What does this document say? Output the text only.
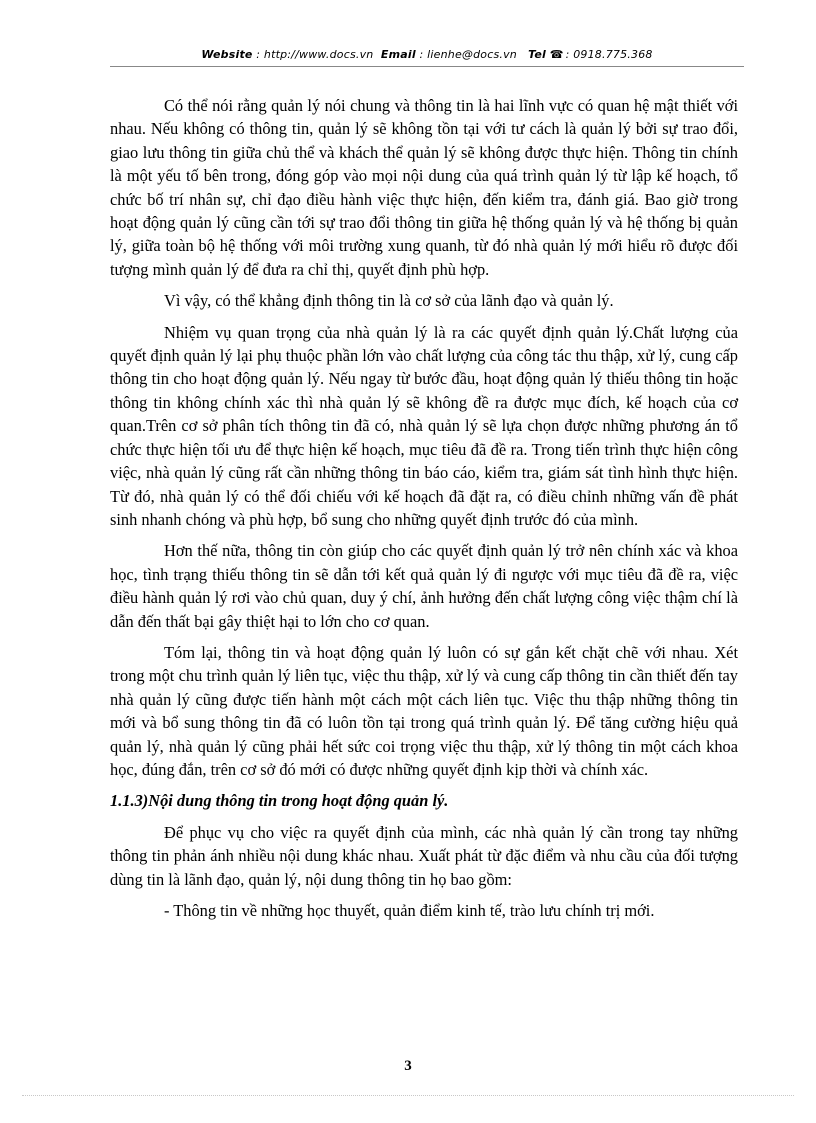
Website : http://www.docs.vn Email : lienhe@docs.vn Tel ☎ : 0918.775.368

Có thể nói rằng quản lý nói chung và thông tin là hai lĩnh vực có quan hệ mật thiết với nhau. Nếu không có thông tin, quản lý sẽ không tồn tại với tư cách là quản lý bởi sự trao đổi, giao lưu thông tin giữa chủ thể và khách thể quản lý sẽ không được thực hiện. Thông tin chính là một yếu tố bên trong, đóng góp vào mọi nội dung của quá trình quản lý từ lập kế hoạch, tổ chức bố trí nhân sự, chỉ đạo điều hành việc thực hiện, đến kiểm tra, đánh giá. Bao giờ trong hoạt động quản lý cũng cần tới sự trao đổi thông tin giữa hệ thống quản lý và hệ thống bị quản lý, giữa toàn bộ hệ thống với môi trường xung quanh, từ đó nhà quản lý mới hiểu rõ được đối tượng mình quản lý để đưa ra chỉ thị, quyết định phù hợp.

Vì vậy, có thể khẳng định thông tin là cơ sở của lãnh đạo và quản lý.

Nhiệm vụ quan trọng của nhà quản lý là ra các quyết định quản lý.Chất lượng của quyết định quản lý lại phụ thuộc phần lớn vào chất lượng của công tác thu thập, xử lý, cung cấp thông tin cho hoạt động quản lý. Nếu ngay từ bước đầu, hoạt động quản lý thiếu thông tin hoặc thông tin không chính xác thì nhà quản lý sẽ không đề ra được mục đích, kế hoạch của cơ quan.Trên cơ sở phân tích thông tin đã có, nhà quản lý sẽ lựa chọn được những phương án tổ chức thực hiện tối ưu để thực hiện kế hoạch, mục tiêu đã đề ra. Trong tiến trình thực hiện công việc, nhà quản lý cũng rất cần những thông tin báo cáo, kiểm tra, giám sát tình hình thực hiện. Từ đó, nhà quản lý có thể đối chiếu với kế hoạch đã đặt ra, có điều chỉnh những vấn đề phát sinh nhanh chóng và phù hợp, bổ sung cho những quyết định trước đó của mình.

Hơn thế nữa, thông tin còn giúp cho các quyết định quản lý trở nên chính xác và khoa học, tình trạng thiếu thông tin sẽ dẫn tới kết quả quản lý đi ngược với mục tiêu đã đề ra, việc điều hành quản lý rơi vào chủ quan, duy ý chí, ảnh hưởng đến chất lượng công việc thậm chí là dẫn đến thất bại gây thiệt hại to lớn cho cơ quan.

Tóm lại, thông tin và hoạt động quản lý luôn có sự gắn kết chặt chẽ với nhau. Xét trong một chu trình quản lý liên tục, việc thu thập, xử lý và cung cấp thông tin cần thiết đến tay nhà quản lý cũng được tiến hành một cách một cách liên tục. Việc thu thập những thông tin mới và bổ sung thông tin đã có luôn tồn tại trong quá trình quản lý. Để tăng cường hiệu quả quản lý, nhà quản lý cũng phải hết sức coi trọng việc thu thập, xử lý thông tin một cách khoa học, đúng đắn, trên cơ sở đó mới có được những quyết định kịp thời và chính xác.

1.1.3)Nội dung thông tin trong hoạt động quản lý.

Để phục vụ cho việc ra quyết định của mình, các nhà quản lý cần trong tay những thông tin phản ánh nhiều nội dung khác nhau. Xuất phát từ đặc điểm và nhu cầu của đối tượng dùng tin là lãnh đạo, quản lý, nội dung thông tin họ bao gồm:

- Thông tin về những học thuyết, quản điểm kinh tế, trào lưu chính trị mới.

3
